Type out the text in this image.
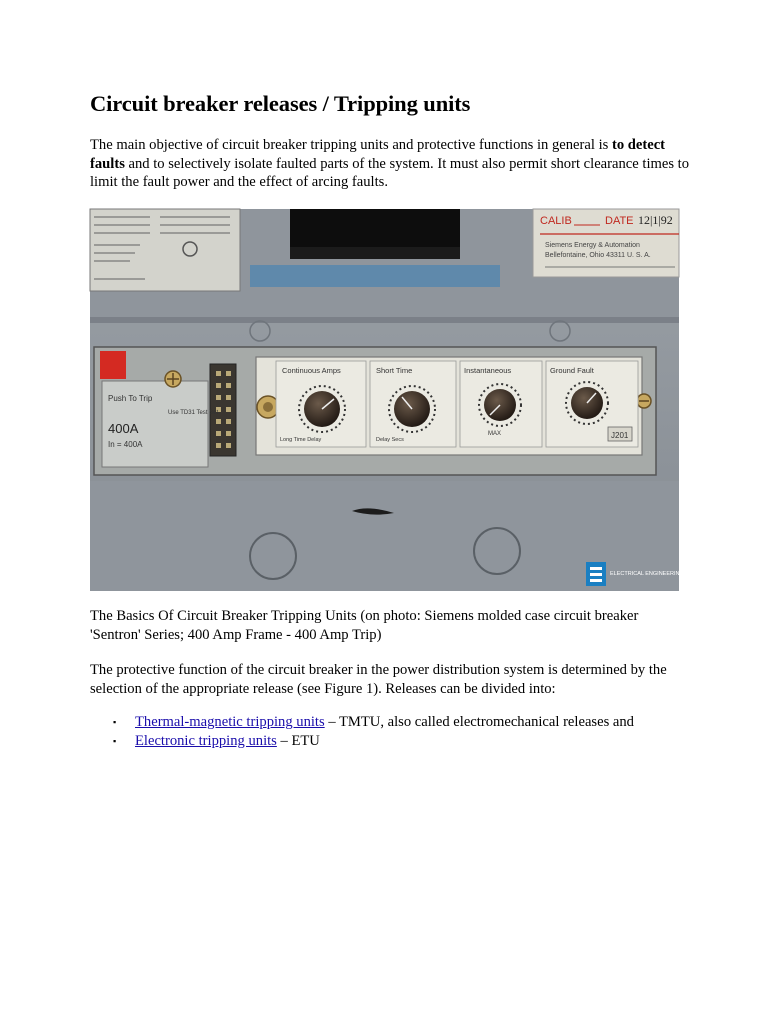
Circuit breaker releases / Tripping units

The main objective of circuit breaker tripping units and protective functions in general is to detect faults and to selectively isolate faulted parts of the system. It must also permit short clearance times to limit the fault power and the effect of arcing faults.

CALIB	DATE 12|1|92
Siemens Energy & Automation
Bellefontaine, Ohio 43311 U. S. A.
Push To Trip
400A
In = 400A
Use TD31 Test Set
Continuous Amps
Long Time Delay
Short Time
Delay Secs
Instantaneous
MAX
Ground Fault
J201
ELECTRICAL ENGINEERING PORTAL

The Basics Of Circuit Breaker Tripping Units (on photo: Siemens molded case circuit breaker 'Sentron' Series; 400 Amp Frame - 400 Amp Trip)

The protective function of the circuit breaker in the power distribution system is determined by the selection of the appropriate release (see Figure 1). Releases can be divided into:

▪ Thermal-magnetic tripping units – TMTU, also called electromechanical releases and
▪ Electronic tripping units – ETU
